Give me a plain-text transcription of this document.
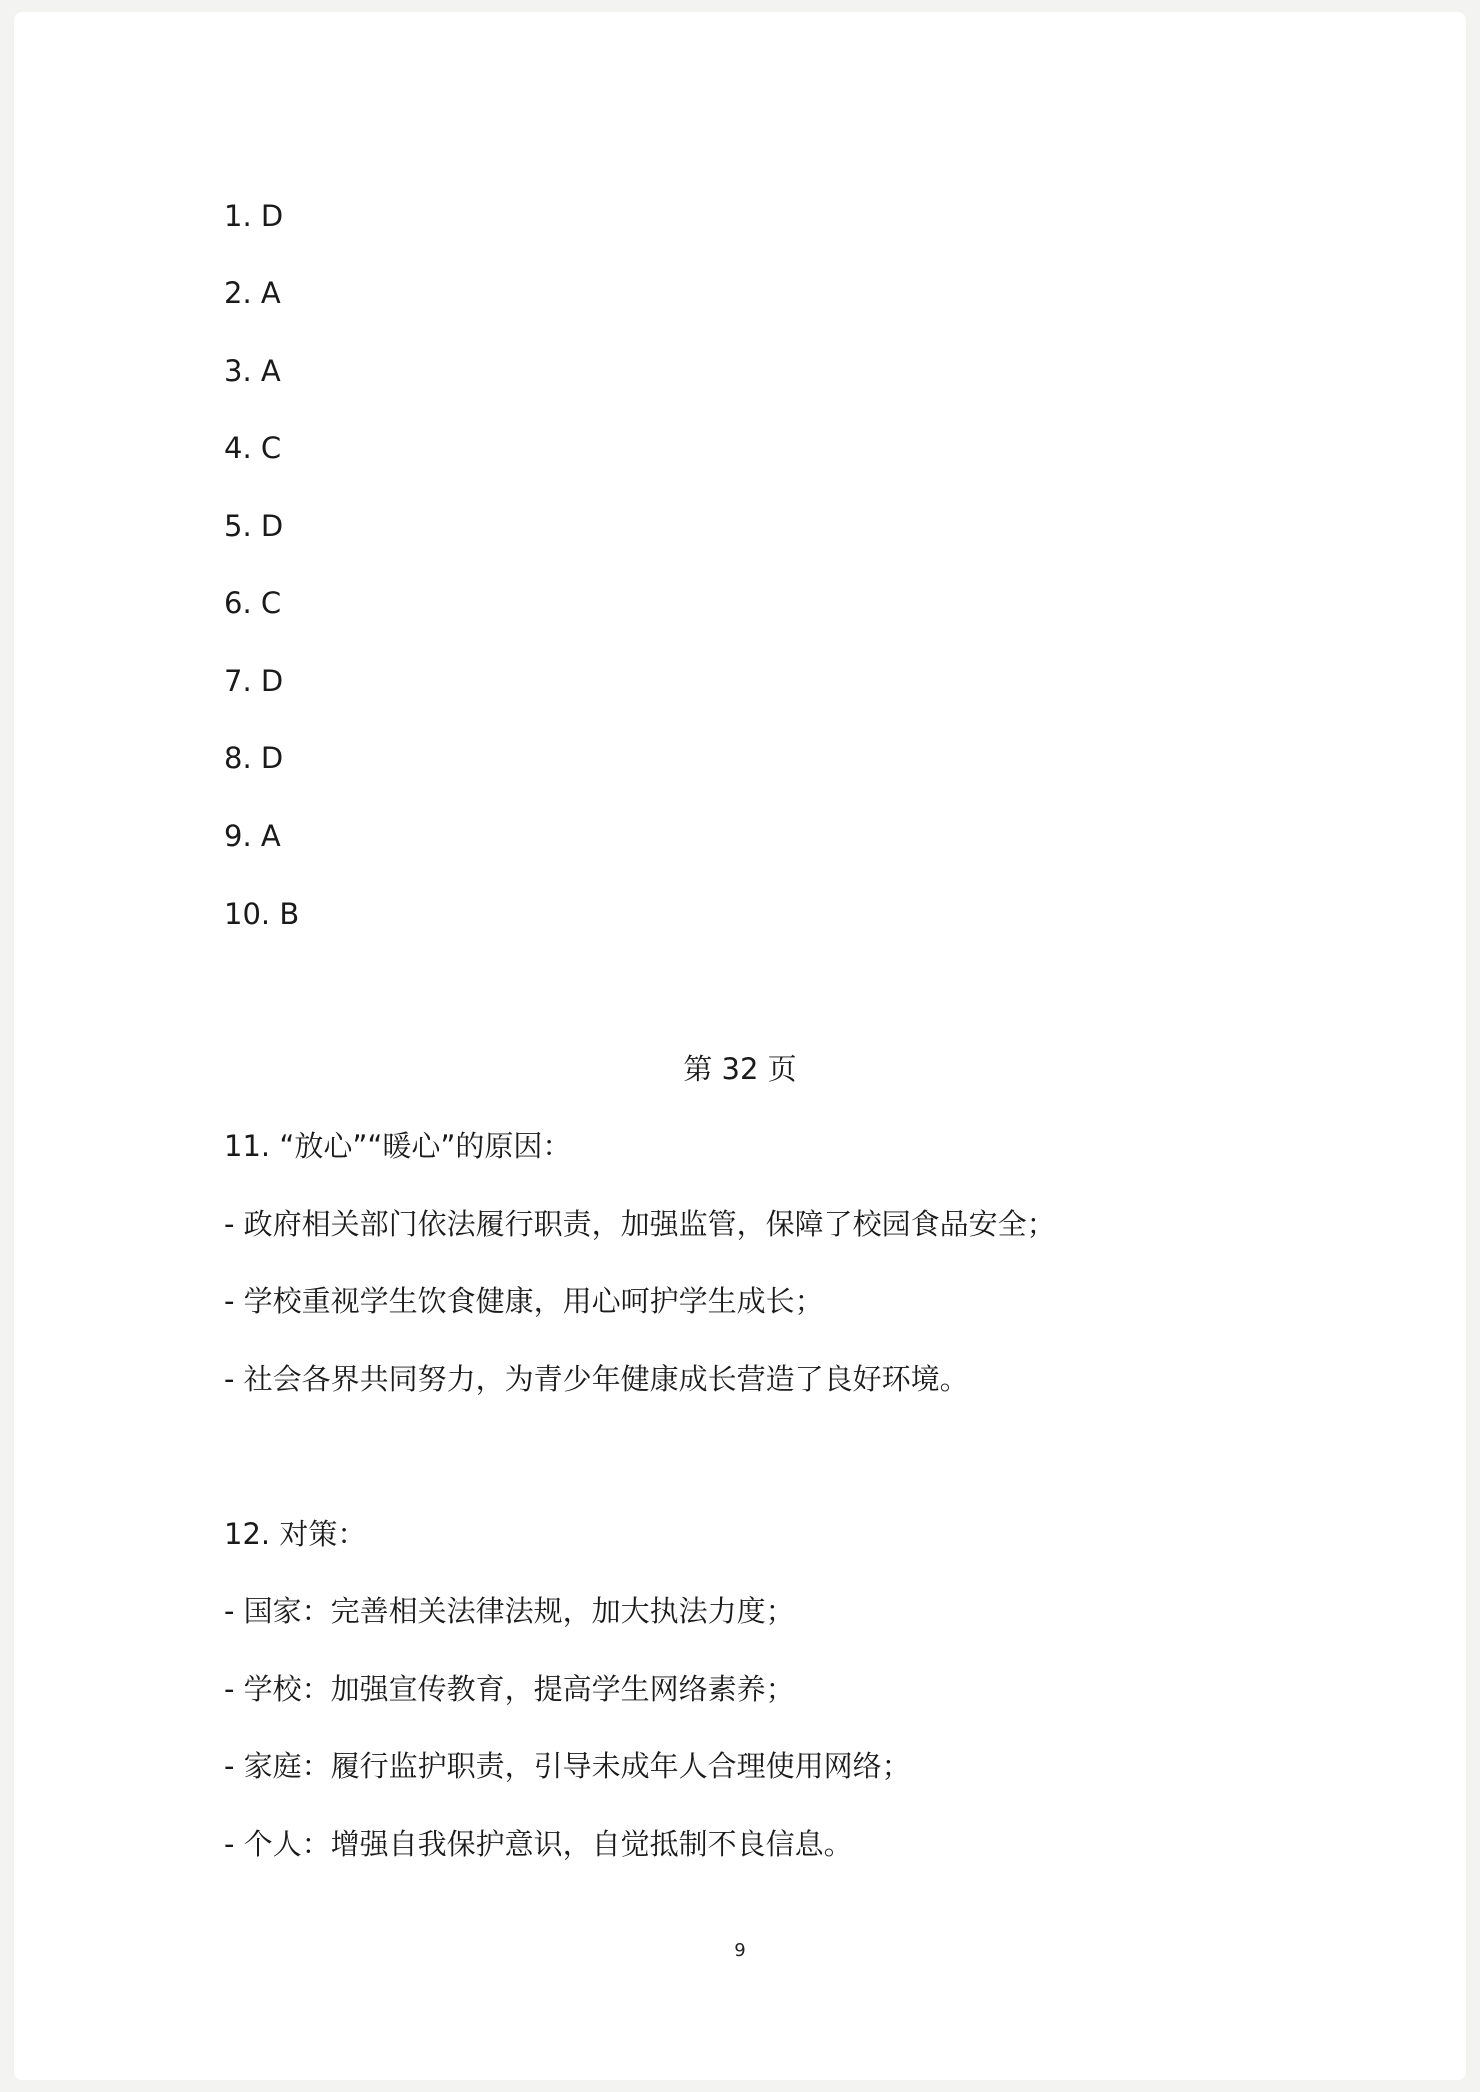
1. D
2. A
3. A
4. C
5. D
6. C
7. D
8. D
9. A
10. B
第 32 页
11. “放心”“暖心”的原因：
- 政府相关部门依法履行职责，加强监管，保障了校园食品安全；
- 学校重视学生饮食健康，用心呵护学生成长；
- 社会各界共同努力，为青少年健康成长营造了良好环境。
12. 对策：
- 国家：完善相关法律法规，加大执法力度；
- 学校：加强宣传教育，提高学生网络素养；
- 家庭：履行监护职责，引导未成年人合理使用网络；
- 个人：增强自我保护意识，自觉抵制不良信息。
9
